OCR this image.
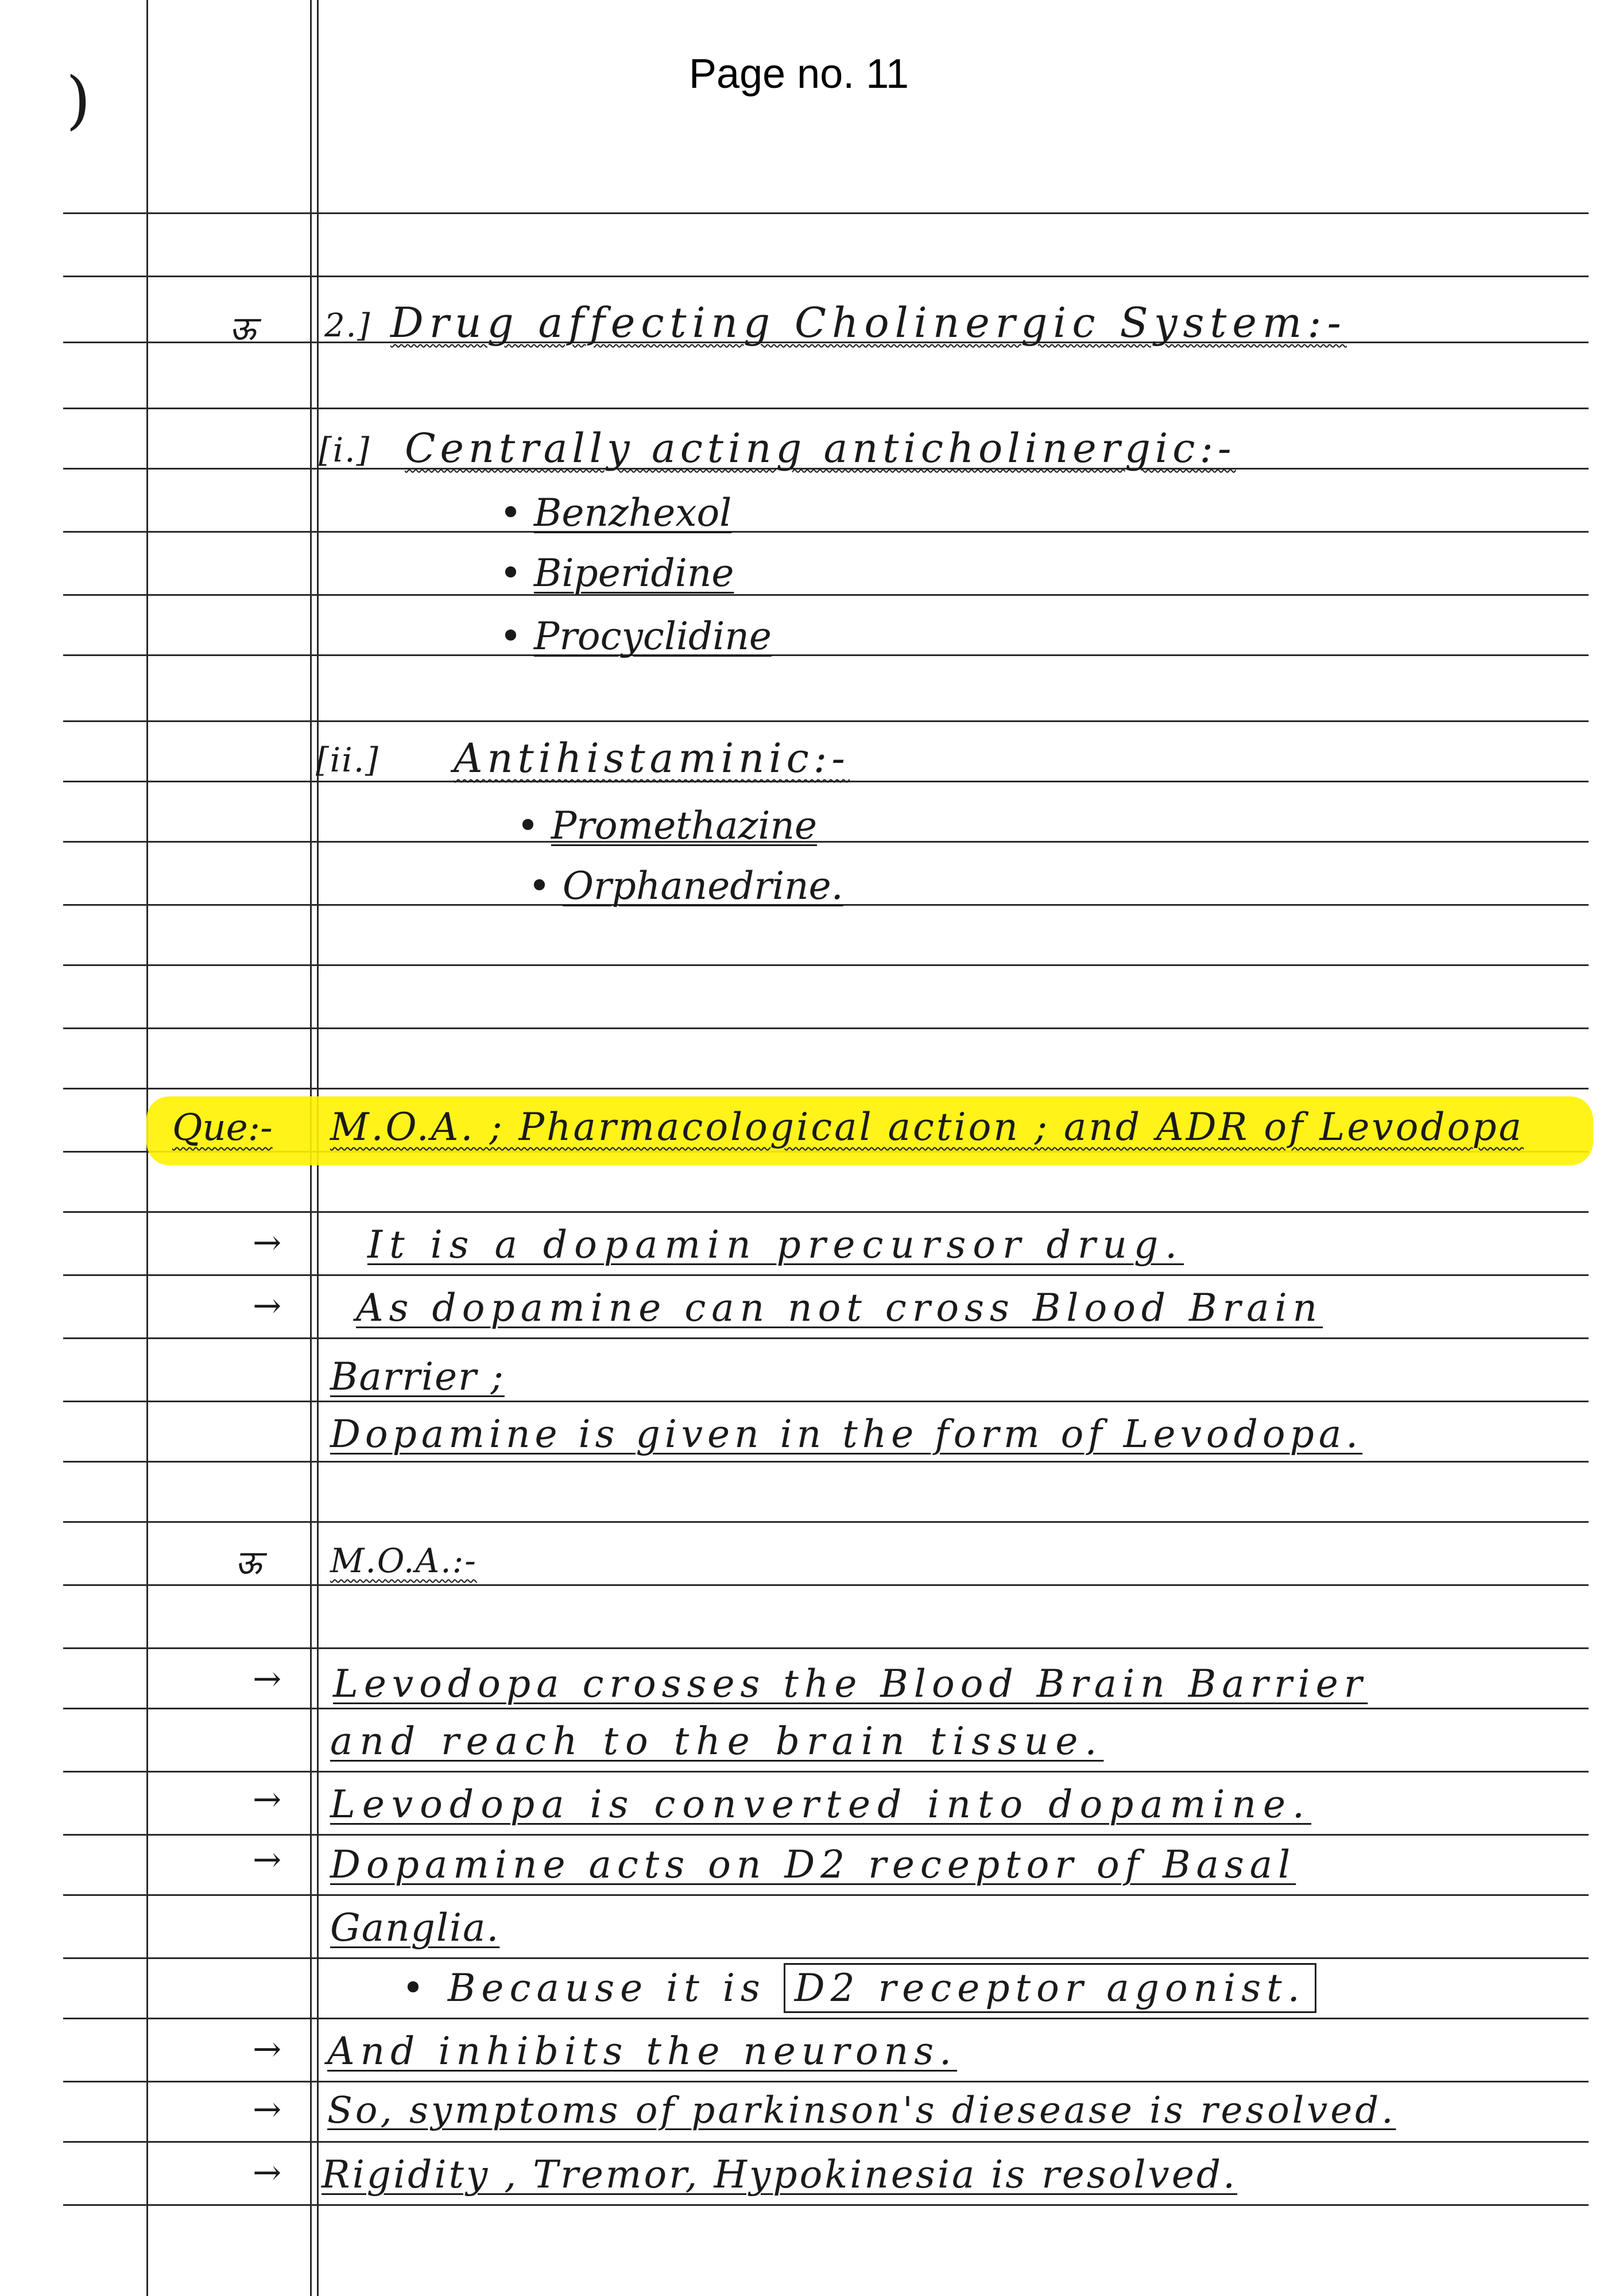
Page no. 11
)
ऊ 2.] Drug affecting Cholinergic System:-
[i.] Centrally acting anticholinergic:-
• Benzhexol
• Biperidine
• Procyclidine
[ii.] Antihistaminic:-
• Promethazine
• Orphanedrine.
Que:- M.O.A. ; Pharmacological action ; and ADR of Levodopa
→ It is a dopamin precursor drug.
→ As dopamine can not cross Blood Brain
Barrier ;
Dopamine is given in the form of Levodopa.
ऊ M.O.A.:-
→ Levodopa crosses the Blood Brain Barrier
and reach to the brain tissue.
→ Levodopa is converted into dopamine.
→ Dopamine acts on D2 receptor of Basal
Ganglia.
• Because it is D2 receptor agonist.
→ And inhibits the neurons.
→ So, symptoms of parkinson's diesease is resolved.
→ Rigidity , Tremor, Hypokinesia is resolved.
